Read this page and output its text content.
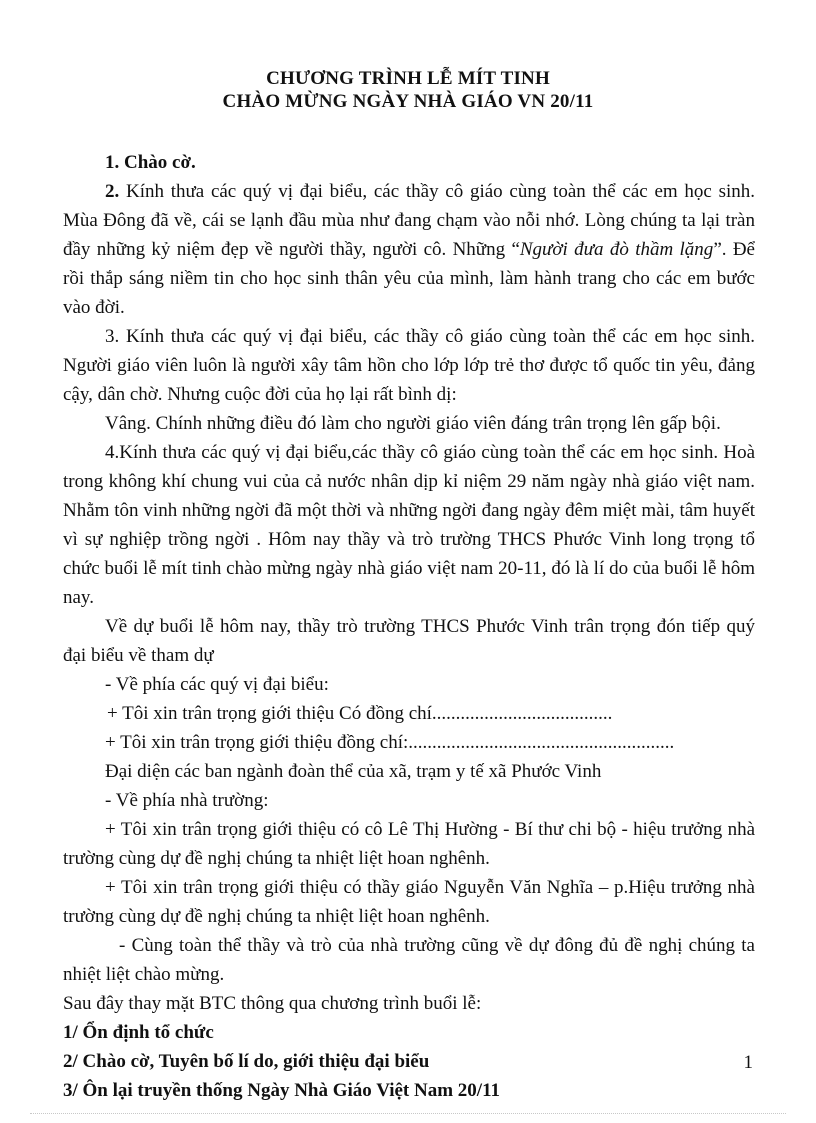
CHƯƠNG TRÌNH LỄ MÍT TINH
CHÀO MỪNG NGÀY NHÀ GIÁO VN 20/11

1. Chào cờ.

2. Kính thưa các quý vị đại biểu, các thầy cô giáo cùng toàn thể các em học sinh. Mùa Đông đã về, cái se lạnh đầu mùa như đang chạm vào nỗi nhớ. Lòng chúng ta lại tràn đầy những kỷ niệm đẹp về người thầy, người cô. Những “Người đưa đò thầm lặng”. Để rồi thắp sáng niềm tin cho học sinh thân yêu của mình, làm hành trang cho các em bước vào đời.

3. Kính thưa các quý vị đại biểu, các thầy cô giáo cùng toàn thể các em học sinh. Người giáo viên luôn là người xây tâm hồn cho lớp lớp trẻ thơ được tổ quốc tin yêu, đảng cậy, dân chờ. Nhưng cuộc đời của họ lại rất bình dị:

Vâng. Chính những điều đó làm cho người giáo viên đáng trân trọng lên gấp bội.

4.Kính thưa các quý vị đại biểu,các thầy cô giáo cùng toàn thể các em học sinh. Hoà trong không khí chung vui của cả nước nhân dịp kỉ niệm 29 năm ngày nhà giáo việt nam. Nhằm tôn vinh những ngời đã một thời và những ngời đang ngày đêm miệt mài, tâm huyết vì sự nghiệp trồng ngời . Hôm nay thầy và trò trường THCS Phước Vinh long trọng tổ chức buổi lễ mít tinh chào mừng ngày nhà giáo việt nam 20-11, đó là lí do của buổi lễ hôm nay.

Về dự buổi lễ hôm nay, thầy trò trường THCS Phước Vinh trân trọng đón tiếp quý đại biểu về tham dự

- Về phía các quý vị đại biểu:

+ Tôi xin trân trọng giới thiệu Có đồng chí......................................

+ Tôi xin trân trọng giới thiệu đồng chí:........................................................

Đại diện các ban ngành đoàn thể của xã, trạm y tế xã Phước Vinh

- Về phía nhà trường:

+ Tôi xin trân trọng giới thiệu có cô Lê Thị Hường - Bí thư chi bộ - hiệu trưởng nhà trường cùng dự đề nghị chúng ta nhiệt liệt hoan nghênh.

+ Tôi xin trân trọng giới thiệu có thầy giáo Nguyễn Văn Nghĩa – p.Hiệu trưởng nhà trường cùng dự đề nghị chúng ta nhiệt liệt hoan nghênh.

- Cùng toàn thể thầy và trò của nhà trường cũng về dự đông đủ đề nghị chúng ta nhiệt liệt chào mừng.

Sau đây thay mặt BTC thông qua chương trình buổi lễ:

1/ Ổn định tổ chức

2/ Chào cờ, Tuyên bố lí do, giới thiệu đại biểu

3/ Ôn lại truyền thống Ngày Nhà Giáo Việt Nam 20/11

1
